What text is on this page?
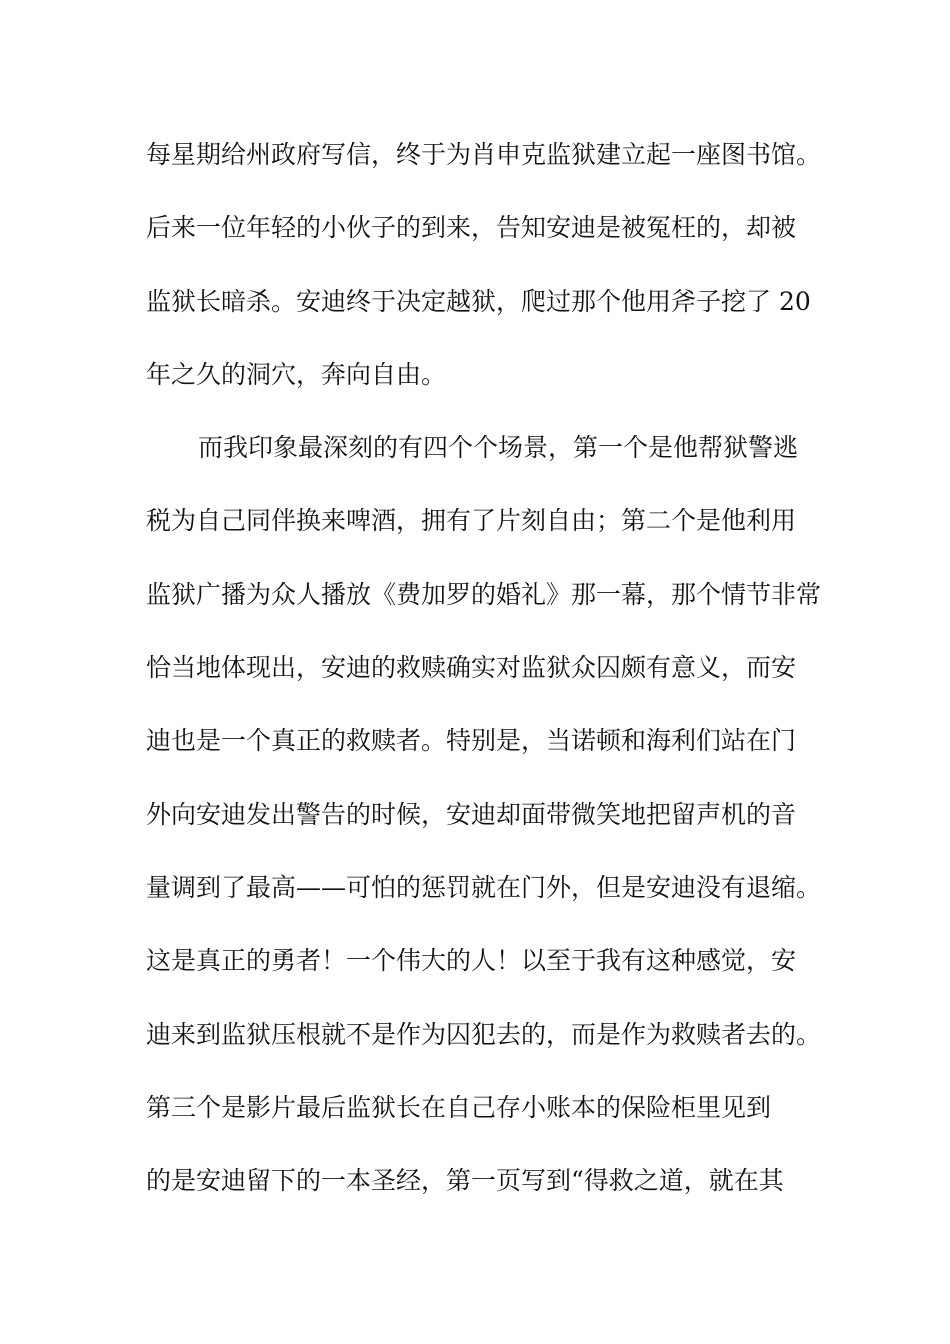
每星期给州政府写信，终于为肖申克监狱建立起一座图书馆。
后来一位年轻的小伙子的到来，告知安迪是被冤枉的，却被
监狱长暗杀。安迪终于决定越狱，爬过那个他用斧子挖了 20
年之久的洞穴，奔向自由。
而我印象最深刻的有四个个场景，第一个是他帮狱警逃
税为自己同伴换来啤酒，拥有了片刻自由；第二个是他利用
监狱广播为众人播放《费加罗的婚礼》那一幕，那个情节非常
恰当地体现出，安迪的救赎确实对监狱众囚颇有意义，而安
迪也是一个真正的救赎者。特别是，当诺顿和海利们站在门
外向安迪发出警告的时候，安迪却面带微笑地把留声机的音
量调到了最高——可怕的惩罚就在门外，但是安迪没有退缩。
这是真正的勇者！一个伟大的人！以至于我有这种感觉，安
迪来到监狱压根就不是作为囚犯去的，而是作为救赎者去的。
第三个是影片最后监狱长在自己存小账本的保险柜里见到
的是安迪留下的一本圣经，第一页写到“得救之道，就在其
